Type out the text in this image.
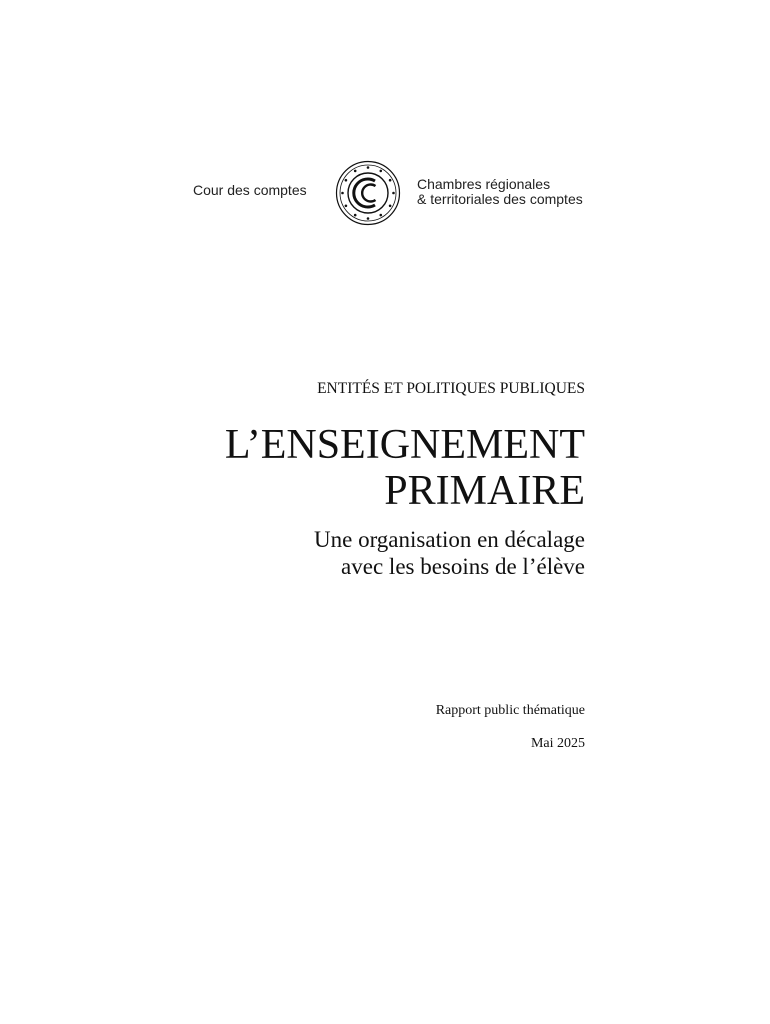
Cour des comptes	Chambres régionales
& territoriales des comptes
ENTITÉS ET POLITIQUES PUBLIQUES
L’ENSEIGNEMENT
PRIMAIRE
Une organisation en décalage
avec les besoins de l’élève
Rapport public thématique
Mai 2025
